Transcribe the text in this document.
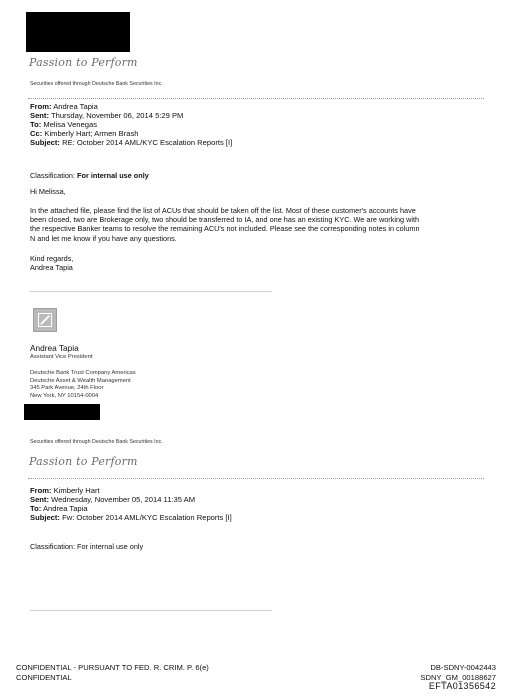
Passion to Perform
Securities offered through Deutsche Bank Securities Inc.
From: Andrea Tapia
Sent: Thursday, November 06, 2014 5:29 PM
To: Melisa Venegas
Cc: Kimberly Hart; Armen Brash
Subject: RE: October 2014 AML/KYC Escalation Reports [I]
Classification: For internal use only
Hi Melissa,
In the attached file, please find the list of ACUs that should be taken off the list. Most of these customer's accounts have
been closed, two are Brokerage only, two should be transferred to IA, and one has an existing KYC. We are working with
the respective Banker teams to resolve the remaining ACU's not included. Please see the corresponding notes in column
N and let me know if you have any questions.
Kind regards,
Andrea Tapia
Andrea Tapia
Assistant Vice President
Deutsche Bank Trust Company Americas
Deutsche Asset & Wealth Management
345 Park Avenue, 24th Floor
New York, NY 10154-0004
Securities offered through Deutsche Bank Securities Inc.
Passion to Perform
From: Kimberly Hart
Sent: Wednesday, November 05, 2014 11:35 AM
To: Andrea Tapia
Subject: Fw: October 2014 AML/KYC Escalation Reports [I]
Classification: For internal use only
CONFIDENTIAL - PURSUANT TO FED. R. CRIM. P. 6(e)
CONFIDENTIAL
DB-SDNY-0042443
SDNY_GM_00188627
EFTA01356542
